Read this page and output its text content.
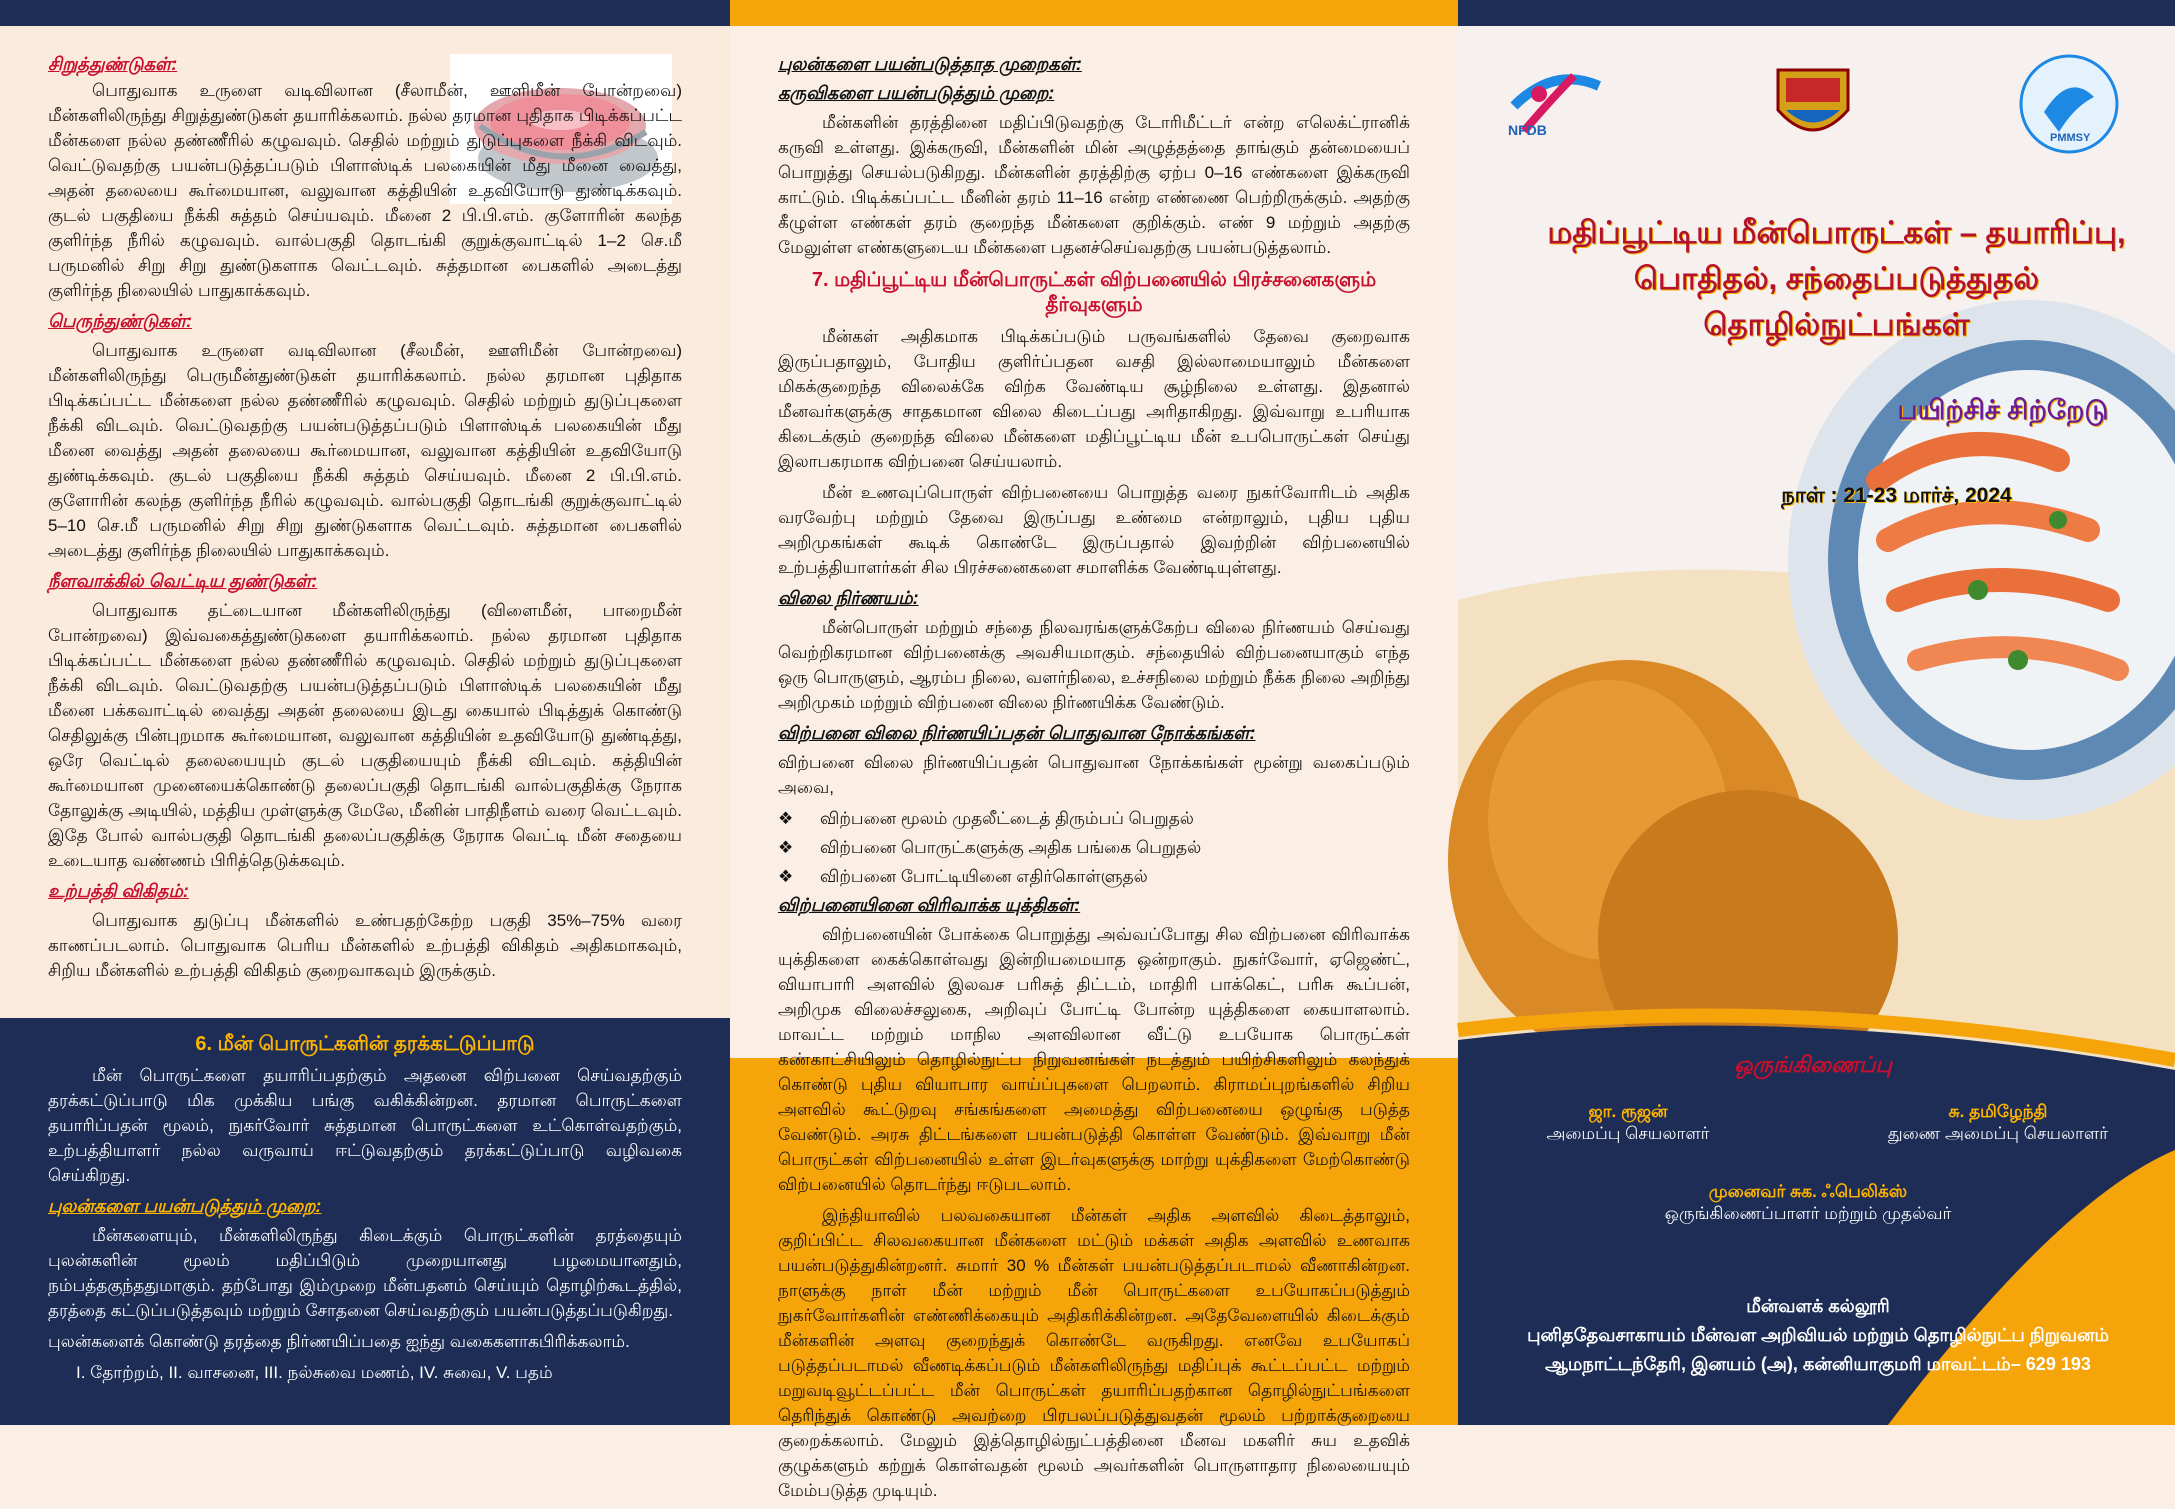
சிறுத்துண்டுகள்:

பொதுவாக உருளை வடிவிலான (சீலாமீன், ஊளிமீன் போன்றவை) மீன்களிலிருந்து சிறுத்துண்டுகள் தயாரிக்கலாம். நல்ல தரமான புதிதாக பிடிக்கப்பட்ட மீன்களை நல்ல தண்ணீரில் கழுவவும். செதில் மற்றும் துடுப்புகளை நீக்கி விடவும். வெட்டுவதற்கு பயன்படுத்தப்படும் பிளாஸ்டிக் பலகையின் மீது மீனை வைத்து, அதன் தலையை கூர்மையான, வலுவான கத்தியின் உதவியோடு துண்டிக்கவும். குடல் பகுதியை நீக்கி சுத்தம் செய்யவும். மீனை 2 பி.பி.எம். குளோரின் கலந்த குளிர்ந்த நீரில் கழுவவும். வால்பகுதி தொடங்கி குறுக்குவாட்டில் 1–2 செ.மீ பருமனில் சிறு சிறு துண்டுகளாக வெட்டவும். சுத்தமான பைகளில் அடைத்து குளிர்ந்த நிலையில் பாதுகாக்கவும்.

பெருந்துண்டுகள்:

பொதுவாக உருளை வடிவிலான (சீலமீன், ஊளிமீன் போன்றவை) மீன்களிலிருந்து பெருமீன்துண்டுகள் தயாரிக்கலாம். நல்ல தரமான புதிதாக பிடிக்கப்பட்ட மீன்களை நல்ல தண்ணீரில் கழுவவும். செதில் மற்றும் துடுப்புகளை நீக்கி விடவும். வெட்டுவதற்கு பயன்படுத்தப்படும் பிளாஸ்டிக் பலகையின் மீது மீனை வைத்து அதன் தலையை கூர்மையான, வலுவான கத்தியின் உதவியோடு துண்டிக்கவும். குடல் பகுதியை நீக்கி சுத்தம் செய்யவும். மீனை 2 பி.பி.எம். குளோரின் கலந்த குளிர்ந்த நீரில் கழுவவும். வால்பகுதி தொடங்கி குறுக்குவாட்டில் 5–10 செ.மீ பருமனில் சிறு சிறு துண்டுகளாக வெட்டவும். சுத்தமான பைகளில் அடைத்து குளிர்ந்த நிலையில் பாதுகாக்கவும்.

நீளவாக்கில் வெட்டிய துண்டுகள்:

பொதுவாக தட்டையான மீன்களிலிருந்து (விளைமீன், பாறைமீன் போன்றவை) இவ்வகைத்துண்டுகளை தயாரிக்கலாம். நல்ல தரமான புதிதாக பிடிக்கப்பட்ட மீன்களை நல்ல தண்ணீரில் கழுவவும். செதில் மற்றும் துடுப்புகளை நீக்கி விடவும். வெட்டுவதற்கு பயன்படுத்தப்படும் பிளாஸ்டிக் பலகையின் மீது மீனை பக்கவாட்டில் வைத்து அதன் தலையை இடது கையால் பிடித்துக் கொண்டு செதிலுக்கு பின்புறமாக கூர்மையான, வலுவான கத்தியின் உதவியோடு துண்டித்து, ஒரே வெட்டில் தலையையும் குடல் பகுதியையும் நீக்கி விடவும். கத்தியின் கூர்மையான முனையைக்கொண்டு தலைப்பகுதி தொடங்கி வால்பகுதிக்கு நேராக தோலுக்கு அடியில், மத்திய முள்ளுக்கு மேலே, மீனின் பாதிநீளம் வரை வெட்டவும். இதே போல் வால்பகுதி தொடங்கி தலைப்பகுதிக்கு நேராக வெட்டி மீன் சதையை உடையாத வண்ணம் பிரித்தெடுக்கவும்.

உற்பத்தி விகிதம்:

பொதுவாக துடுப்பு மீன்களில் உண்பதற்கேற்ற பகுதி 35%–75% வரை காணப்படலாம். பொதுவாக பெரிய மீன்களில் உற்பத்தி விகிதம் அதிகமாகவும், சிறிய மீன்களில் உற்பத்தி விகிதம் குறைவாகவும் இருக்கும்.

6. மீன் பொருட்களின் தரக்கட்டுப்பாடு

மீன் பொருட்களை தயாரிப்பதற்கும் அதனை விற்பனை செய்வதற்கும் தரக்கட்டுப்பாடு மிக முக்கிய பங்கு வகிக்கின்றன. தரமான பொருட்களை தயாரிப்பதன் மூலம், நுகர்வோர் சுத்தமான பொருட்களை உட்கொள்வதற்கும், உற்பத்தியாளர் நல்ல வருவாய் ஈட்டுவதற்கும் தரக்கட்டுப்பாடு வழிவகை செய்கிறது.

புலன்களை பயன்படுத்தும் முறை:

மீன்களையும், மீன்களிலிருந்து கிடைக்கும் பொருட்களின் தரத்தையும் புலன்களின் மூலம் மதிப்பிடும் முறையானது பழமையானதும், நம்பத்தகுந்ததுமாகும். தற்போது இம்முறை மீன்பதனம் செய்யும் தொழிற்கூடத்தில், தரத்தை கட்டுப்படுத்தவும் மற்றும் சோதனை செய்வதற்கும் பயன்படுத்தப்படுகிறது.

புலன்களைக் கொண்டு தரத்தை நிர்ணயிப்பதை ஐந்து வகைகளாகபிரிக்கலாம்.

I. தோற்றம், II. வாசனை, III. நல்சுவை மணம், IV. சுவை, V. பதம்

புலன்களை பயன்படுத்தாத முறைகள்:
கருவிகளை பயன்படுத்தும் முறை:

மீன்களின் தரத்தினை மதிப்பிடுவதற்கு டோரிமீட்டர் என்ற எலெக்ட்ரானிக் கருவி உள்ளது. இக்கருவி, மீன்களின் மின் அழுத்தத்தை தாங்கும் தன்மையைப் பொறுத்து செயல்படுகிறது. மீன்களின் தரத்திற்கு ஏற்ப 0–16 எண்களை இக்கருவி காட்டும். பிடிக்கப்பட்ட மீனின் தரம் 11–16 என்ற எண்ணை பெற்றிருக்கும். அதற்கு கீழுள்ள எண்கள் தரம் குறைந்த மீன்களை குறிக்கும். எண் 9 மற்றும் அதற்கு மேலுள்ள எண்களுடைய மீன்களை பதனச்செய்வதற்கு பயன்படுத்தலாம்.

7. மதிப்பூட்டிய மீன்பொருட்கள் விற்பனையில் பிரச்சனைகளும் தீர்வுகளும்

மீன்கள் அதிகமாக பிடிக்கப்படும் பருவங்களில் தேவை குறைவாக இருப்பதாலும், போதிய குளிர்ப்பதன வசதி இல்லாமையாலும் மீன்களை மிகக்குறைந்த விலைக்கே விற்க வேண்டிய சூழ்நிலை உள்ளது. இதனால் மீனவர்களுக்கு சாதகமான விலை கிடைப்பது அரிதாகிறது. இவ்வாறு உபரியாக கிடைக்கும் குறைந்த விலை மீன்களை மதிப்பூட்டிய மீன் உபபொருட்கள் செய்து இலாபகரமாக விற்பனை செய்யலாம்.

மீன் உணவுப்பொருள் விற்பனையை பொறுத்த வரை நுகர்வோரிடம் அதிக வரவேற்பு மற்றும் தேவை இருப்பது உண்மை என்றாலும், புதிய புதிய அறிமுகங்கள் கூடிக் கொண்டே இருப்பதால் இவற்றின் விற்பனையில் உற்பத்தியாளர்கள் சில பிரச்சனைகளை சமாளிக்க வேண்டியுள்ளது.

விலை நிர்ணயம்:

மீன்பொருள் மற்றும் சந்தை நிலவரங்களுக்கேற்ப விலை நிர்ணயம் செய்வது வெற்றிகரமான விற்பனைக்கு அவசியமாகும். சந்தையில் விற்பனையாகும் எந்த ஒரு பொருளும், ஆரம்ப நிலை, வளர்நிலை, உச்சநிலை மற்றும் நீக்க நிலை அறிந்து அறிமுகம் மற்றும் விற்பனை விலை நிர்ணயிக்க வேண்டும்.

விற்பனை விலை நிர்ணயிப்பதன் பொதுவான நோக்கங்கள்:

விற்பனை விலை நிர்ணயிப்பதன் பொதுவான நோக்கங்கள் மூன்று வகைப்படும் அவை,

❖ விற்பனை மூலம் முதலீட்டைத் திரும்பப் பெறுதல்
❖ விற்பனை பொருட்களுக்கு அதிக பங்கை பெறுதல்
❖ விற்பனை போட்டியினை எதிர்கொள்ளுதல்
விற்பனையினை விரிவாக்க யுக்திகள்:

விற்பனையின் போக்கை பொறுத்து அவ்வப்போது சில விற்பனை விரிவாக்க யுக்திகளை கைக்கொள்வது இன்றியமையாத ஒன்றாகும். நுகர்வோர், ஏஜெண்ட், வியாபாரி அளவில் இலவச பரிசுத் திட்டம், மாதிரி பாக்கெட், பரிசு கூப்பன், அறிமுக விலைச்சலுகை, அறிவுப் போட்டி போன்ற யுத்திகளை கையாளலாம். மாவட்ட மற்றும் மாநில அளவிலான வீட்டு உபயோக பொருட்கள் கண்காட்சியிலும் தொழில்நுட்ப நிறுவனங்கள் நடத்தும் பயிற்சிகளிலும் கலந்துக் கொண்டு புதிய வியாபார வாய்ப்புகளை பெறலாம். கிராமப்புறங்களில் சிறிய அளவில் கூட்டுறவு சங்கங்களை அமைத்து விற்பனையை ஒழுங்கு படுத்த வேண்டும். அரசு திட்டங்களை பயன்படுத்தி கொள்ள வேண்டும். இவ்வாறு மீன் பொருட்கள் விற்பனையில் உள்ள இடர்வுகளுக்கு மாற்று யுக்திகளை மேற்கொண்டு விற்பனையில் தொடர்ந்து ஈடுபடலாம்.

இந்தியாவில் பலவகையான மீன்கள் அதிக அளவில் கிடைத்தாலும், குறிப்பிட்ட சிலவகையான மீன்களை மட்டும் மக்கள் அதிக அளவில் உணவாக பயன்படுத்துகின்றனர். சுமார் 30 % மீன்கள் பயன்படுத்தப்படாமல் வீணாகின்றன. நாளுக்கு நாள் மீன் மற்றும் மீன் பொருட்களை உபயோகப்படுத்தும் நுகர்வோர்களின் எண்ணிக்கையும் அதிகரிக்கின்றன. அதேவேளையில் கிடைக்கும் மீன்களின் அளவு குறைந்துக் கொண்டே வருகிறது. எனவே உபயோகப் படுத்தப்படாமல் வீணடிக்கப்படும் மீன்களிலிருந்து மதிப்புக் கூட்டப்பட்ட மற்றும் மறுவடிவூட்டப்பட்ட மீன் பொருட்கள் தயாரிப்பதற்கான தொழில்நுட்பங்களை தெரிந்துக் கொண்டு அவற்றை பிரபலப்படுத்துவதன் மூலம் பற்றாக்குறையை குறைக்கலாம். மேலும் இத்தொழில்நுட்பத்தினை மீனவ மகளிர் சுய உதவிக் குழுக்களும் கற்றுக் கொள்வதன் மூலம் அவர்களின் பொருளாதார நிலையையும் மேம்படுத்த முடியும்.

NFDB	PMMSY
மதிப்பூட்டிய மீன்பொருட்கள் – தயாரிப்பு, பொதிதல், சந்தைப்படுத்துதல் தொழில்நுட்பங்கள்
பயிற்சிச் சிற்றேடு
நாள் : 21-23 மார்ச், 2024
ஒருங்கிணைப்பு
ஜா. ரூஜன்
அமைப்பு செயலாளர்
சு. தமிழேந்தி
துணை அமைப்பு செயலாளர்
முனைவர் சுக. ஃபெலிக்ஸ்
ஒருங்கிணைப்பாளர் மற்றும் முதல்வர்
மீன்வளக் கல்லூரி
புனிததேவசாகாயம் மீன்வள அறிவியல் மற்றும் தொழில்நுட்ப நிறுவனம்
ஆமநாட்டந்தேரி, இனயம் (அ), கன்னியாகுமரி மாவட்டம்– 629 193
